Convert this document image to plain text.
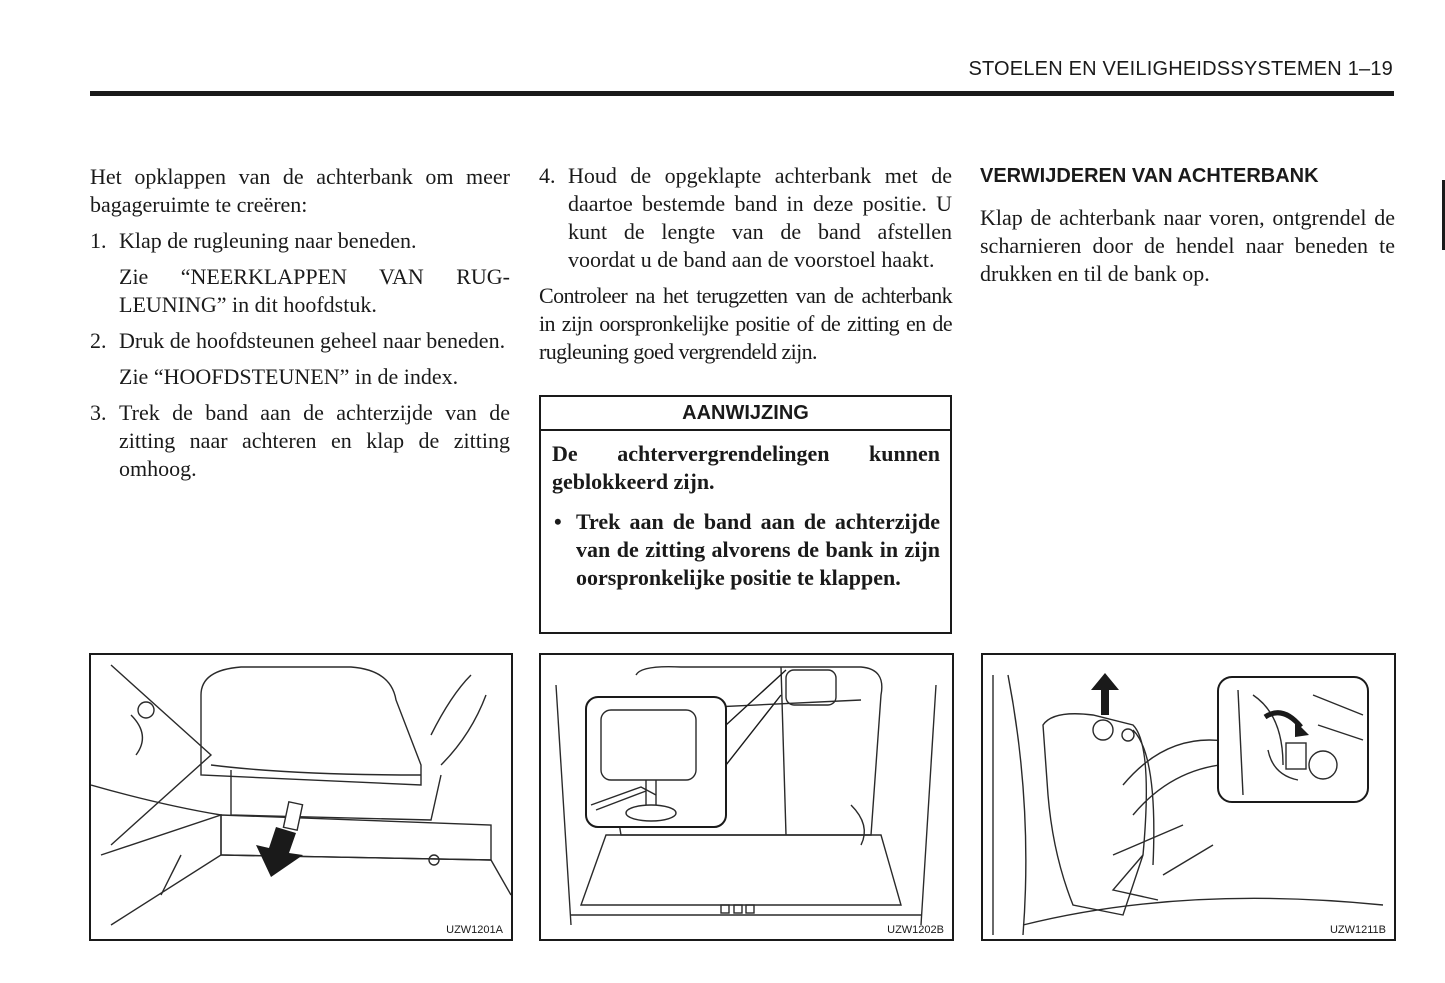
STOELEN EN VEILIGHEIDSSYSTEMEN 1–19

Het opklappen van de achterbank om meer bagageruimte te creëren:

1. Klap de rugleuning naar beneden.

Zie “NEERKLAPPEN VAN RUG-LEUNING” in dit hoofdstuk.

2. Druk de hoofdsteunen geheel naar beneden.

Zie “HOOFDSTEUNEN” in de index.

3. Trek de band aan de achterzijde van de zitting naar achteren en klap de zitting omhoog.

4. Houd de opgeklapte achterbank met de daartoe bestemde band in deze positie. U kunt de lengte van de band afstellen voordat u de band aan de voorstoel haakt.

Controleer na het terugzetten van de achterbank in zijn oorspronkelijke positie of de zitting en de rugleuning goed vergrendeld zijn.

AANWIJZING

De achtervergrendelingen kunnen geblokkeerd zijn.

• Trek aan de band aan de achterzijde van de zitting alvorens de bank in zijn oorspronkelijke positie te klappen.

VERWIJDEREN VAN ACHTERBANK

Klap de achterbank naar voren, ontgrendel de scharnieren door de hendel naar beneden te drukken en til de bank op.

UZW1201A	UZW1202B	UZW1211B
